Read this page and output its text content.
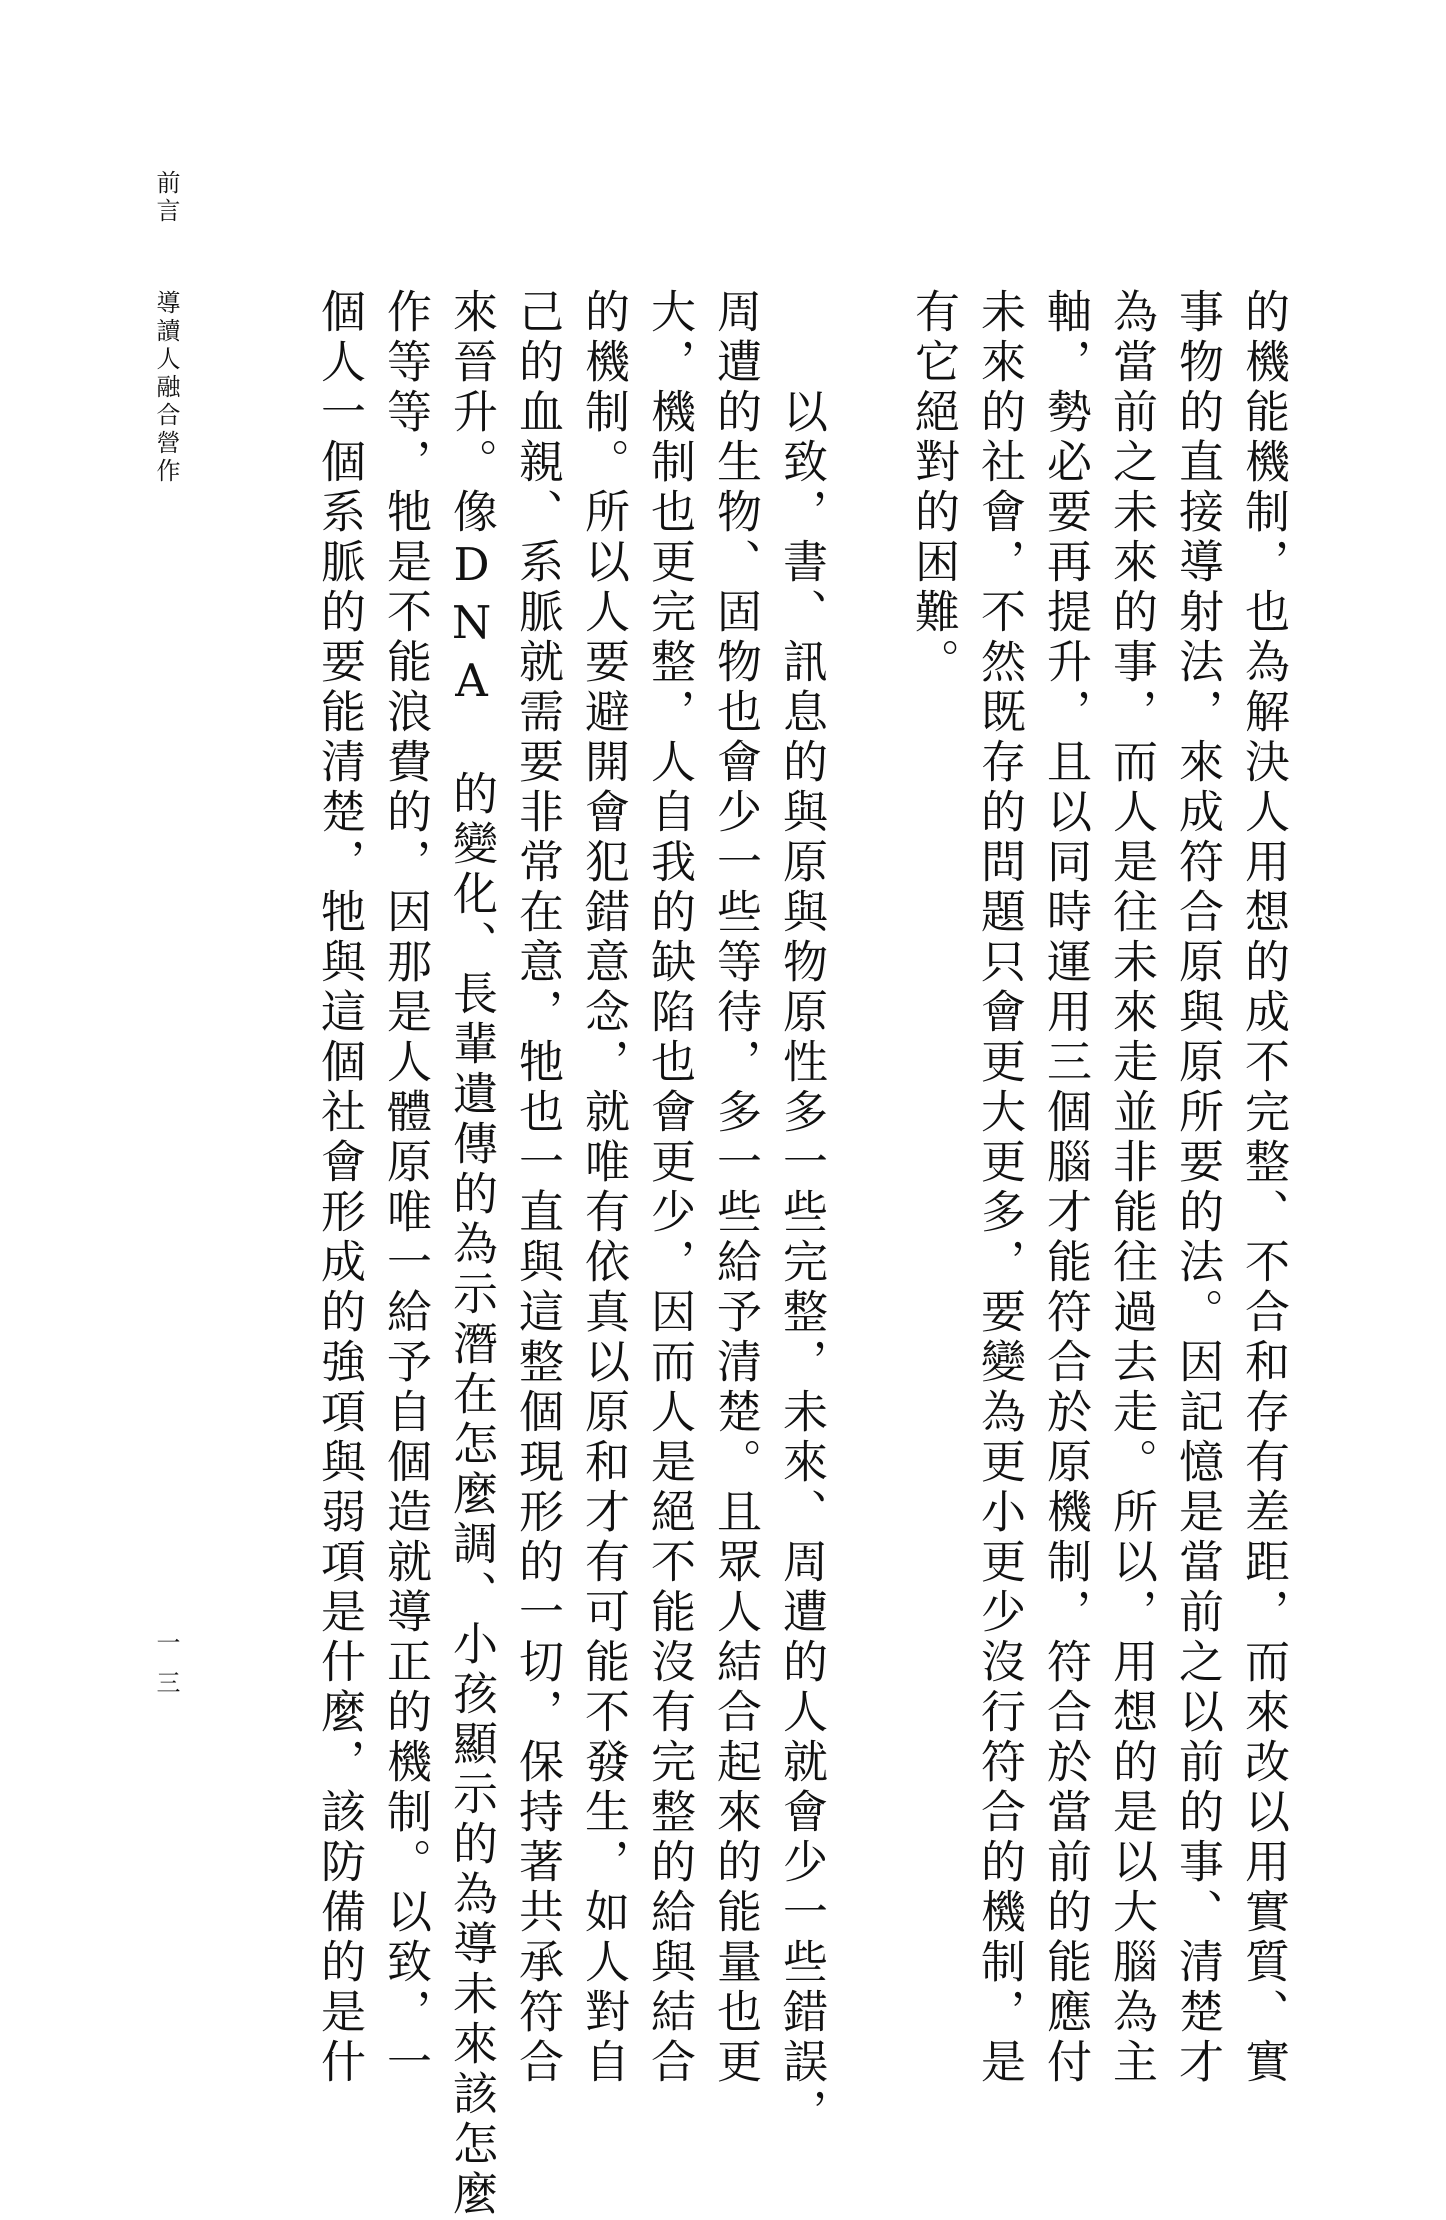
前言導讀人融合營作	的機能機制，也為解決人用想的成不完整、不合和存有差距，而來改以用實質、實
事物的直接導射法，來成符合原與原所要的法。因記憶是當前之以前的事、清楚才
為當前之未來的事，而人是往未來走並非能往過去走。所以，用想的是以大腦為主
軸，勢必要再提升，且以同時運用三個腦才能符合於原機制，符合於當前的能應付
未來的社會，不然既存的問題只會更大更多，要變為更小更少沒行符合的機制，是
有它絕對的困難。
以致，書、訊息的與原與物原性多一些完整，未來、周遭的人就會少一些錯誤，
周遭的生物、固物也會少一些等待，多一些給予清楚。且眾人結合起來的能量也更
大，機制也更完整，人自我的缺陷也會更少，因而人是絕不能沒有完整的給與結合
的機制。所以人要避開會犯錯意念，就唯有依真以原和才有可能不發生，如人對自
己的血親、系脈就需要非常在意，牠也一直與這整個現形的一切，保持著共承符合
來晉升。像DNA 的變化、長輩遺傳的為示潛在怎麼調、小孩顯示的為導未來該怎麼
作等等，牠是不能浪費的，因那是人體原唯一給予自個造就導正的機制。以致，一
個人一個系脈的要能清楚，牠與這個社會形成的強項與弱項是什麼，該防備的是什
一三
